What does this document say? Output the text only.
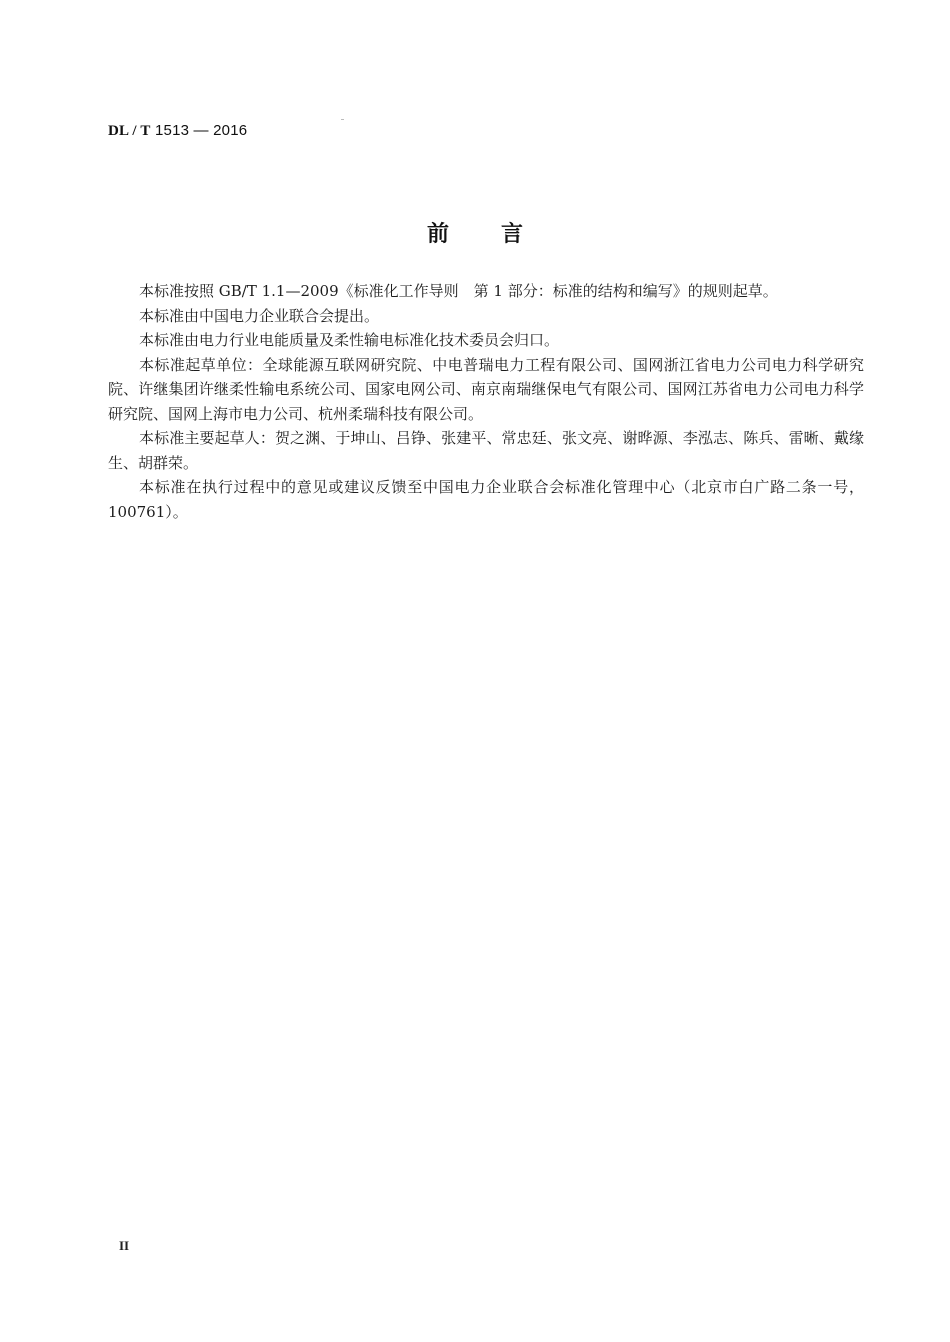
DL / T 1513 — 2016
前 言

本标准按照 GB/T 1.1—2009《标准化工作导则　第 1 部分：标准的结构和编写》的规则起草。

本标准由中国电力企业联合会提出。

本标准由电力行业电能质量及柔性输电标准化技术委员会归口。

本标准起草单位：全球能源互联网研究院、中电普瑞电力工程有限公司、国网浙江省电力公司电力科学研究院、许继集团许继柔性输电系统公司、国家电网公司、南京南瑞继保电气有限公司、国网江苏省电力公司电力科学研究院、国网上海市电力公司、杭州柔瑞科技有限公司。

本标准主要起草人：贺之渊、于坤山、吕铮、张建平、常忠廷、张文亮、谢晔源、李泓志、陈兵、雷晰、戴缘生、胡群荣。

本标准在执行过程中的意见或建议反馈至中国电力企业联合会标准化管理中心（北京市白广路二条一号，100761）。

II
